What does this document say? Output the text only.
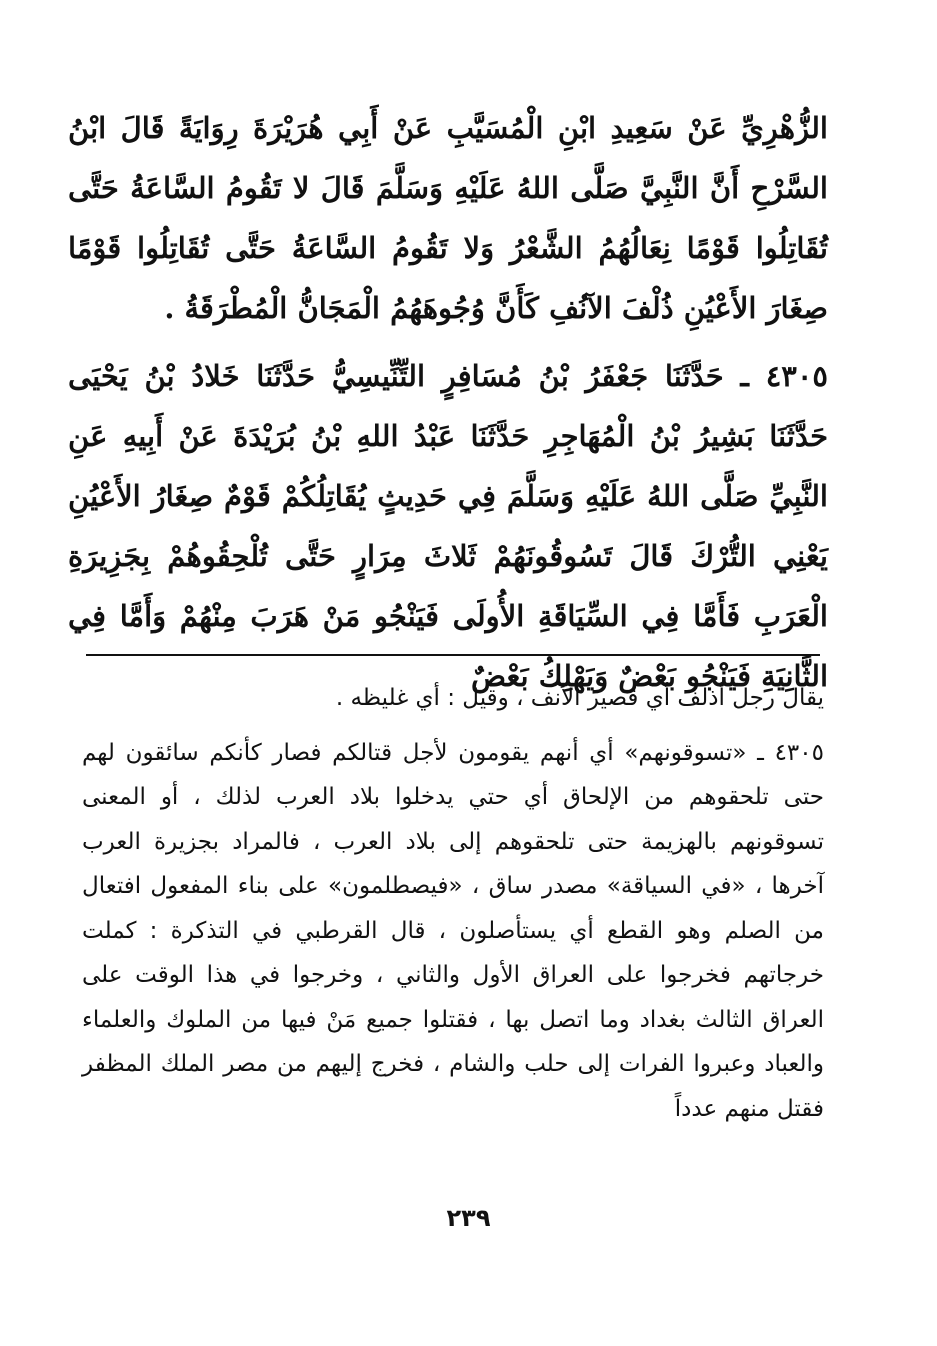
الزُّهْرِيِّ عَنْ سَعِيدِ ابْنِ الْمُسَيَّبِ عَنْ أَبِي هُرَيْرَةَ رِوَايَةً قَالَ ابْنُ السَّرْحِ أَنَّ النَّبِيَّ صَلَّى اللهُ عَلَيْهِ وَسَلَّمَ قَالَ لا تَقُومُ السَّاعَةُ حَتَّى تُقَاتِلُوا قَوْمًا نِعَالُهُمُ الشَّعْرُ وَلا تَقُومُ السَّاعَةُ حَتَّى تُقَاتِلُوا قَوْمًا صِغَارَ الأَعْيُنِ ذُلْفَ الآنُفِ كَأَنَّ وُجُوهَهُمُ الْمَجَانُّ الْمُطْرَقَةُ .

٤٣٠٥ ـ حَدَّثَنَا جَعْفَرُ بْنُ مُسَافِرٍ التِّنِّيسِيُّ حَدَّثَنَا خَلادُ بْنُ يَحْيَى حَدَّثَنَا بَشِيرُ بْنُ الْمُهَاجِرِ حَدَّثَنَا عَبْدُ اللهِ بْنُ بُرَيْدَةَ عَنْ أَبِيهِ عَنِ النَّبِيِّ صَلَّى اللهُ عَلَيْهِ وَسَلَّمَ فِي حَدِيثٍ يُقَاتِلُكُمْ قَوْمٌ صِغَارُ الأَعْيُنِ يَعْنِي التُّرْكَ قَالَ تَسُوقُونَهُمْ ثَلاثَ مِرَارٍ حَتَّى تُلْحِقُوهُمْ بِجَزِيرَةِ الْعَرَبِ فَأَمَّا فِي السِّيَاقَةِ الأُولَى فَيَنْجُو مَنْ هَرَبَ مِنْهُمْ وَأَمَّا فِي الثَّانِيَةِ فَيَنْجُو بَعْضٌ وَيَهْلِكُ بَعْضٌ

يقال رجل أذلف أي قصير الأنف ، وقيل : أي غليظه .

٤٣٠٥ ـ «تسوقونهم» أي أنهم يقومون لأجل قتالكم فصار كأنكم سائقون لهم حتى تلحقوهم من الإلحاق أي حتي يدخلوا بلاد العرب لذلك ، أو المعنى تسوقونهم بالهزيمة حتى تلحقوهم إلى بلاد العرب ، فالمراد بجزيرة العرب آخرها ، «في السياقة» مصدر ساق ، «فيصطلمون» على بناء المفعول افتعال من الصلم وهو القطع أي يستأصلون ، قال القرطبي في التذكرة : كملت خرجاتهم فخرجوا على العراق الأول والثاني ، وخرجوا في هذا الوقت على العراق الثالث بغداد وما اتصل بها ، فقتلوا جميع مَنْ فيها من الملوك والعلماء والعباد وعبروا الفرات إلى حلب والشام ، فخرج إليهم من مصر الملك المظفر فقتل منهم عدداً

٢٣٩
